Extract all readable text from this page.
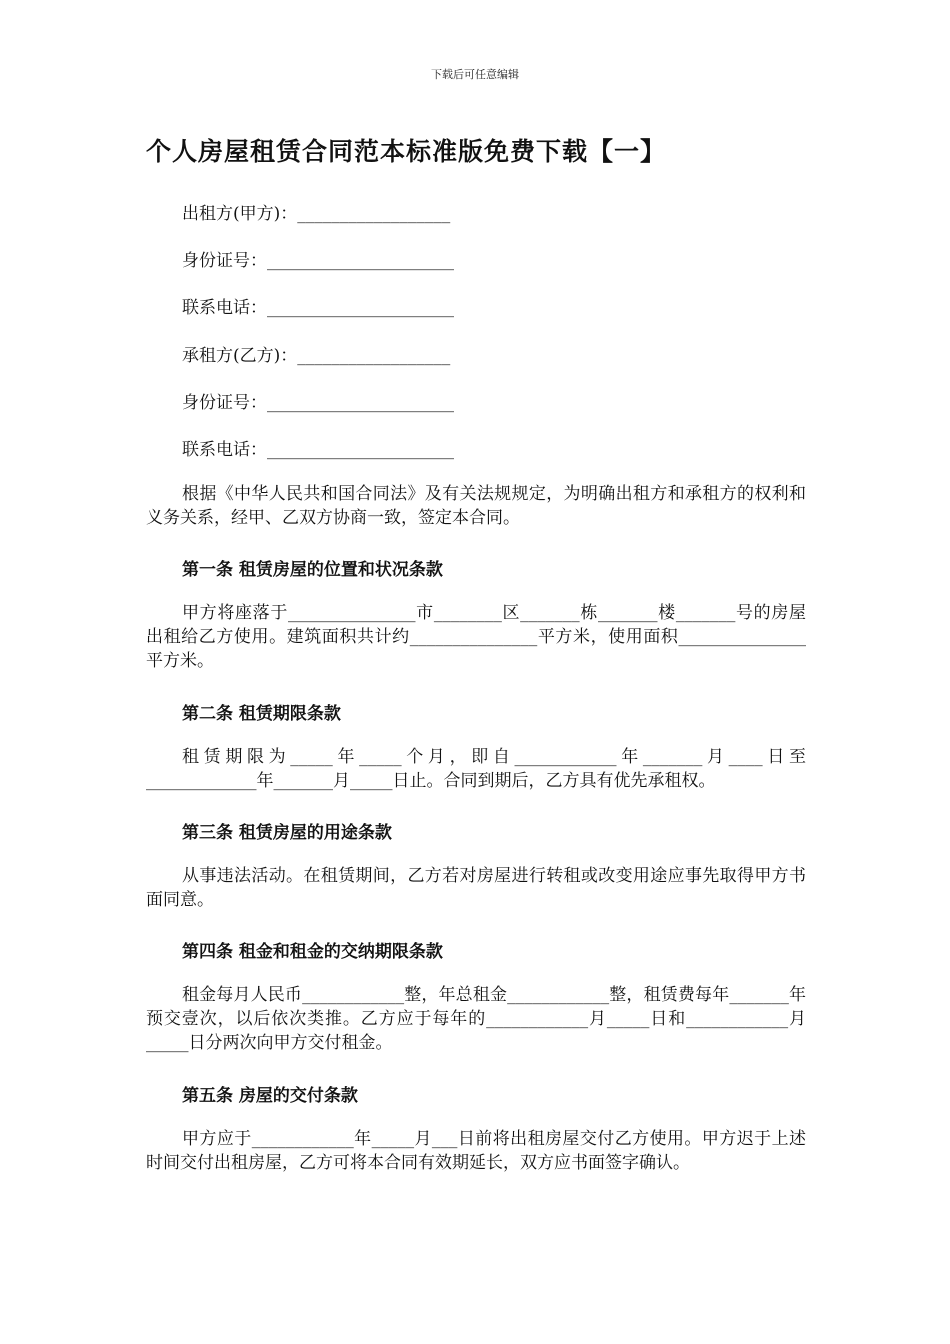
下载后可任意编辑
个人房屋租赁合同范本标准版免费下载【一】
出租方(甲方)：__________________
身份证号：______________________
联系电话：______________________
承租方(乙方)：__________________
身份证号：______________________
联系电话：______________________
根据《中华人民共和国合同法》及有关法规规定，为明确出租方和承租方的权利和义务关系，经甲、乙双方协商一致，签定本合同。
第一条 租赁房屋的位置和状况条款
甲方将座落于_______________市________区_______栋_______楼_______号的房屋出租给乙方使用。建筑面积共计约_______________平方米，使用面积_______________平方米。
第二条 租赁期限条款
租赁期限为_____年_____个月，即自____________年_______月____日至_____________年_______月_____日止。合同到期后，乙方具有优先承租权。
第三条 租赁房屋的用途条款
从事违法活动。在租赁期间，乙方若对房屋进行转租或改变用途应事先取得甲方书面同意。
第四条 租金和租金的交纳期限条款
租金每月人民币____________整，年总租金____________整，租赁费每年_______年预交壹次，以后依次类推。乙方应于每年的____________月_____日和____________月_____日分两次向甲方交付租金。
第五条 房屋的交付条款
甲方应于____________年_____月___日前将出租房屋交付乙方使用。甲方迟于上述时间交付出租房屋，乙方可将本合同有效期延长，双方应书面签字确认。
